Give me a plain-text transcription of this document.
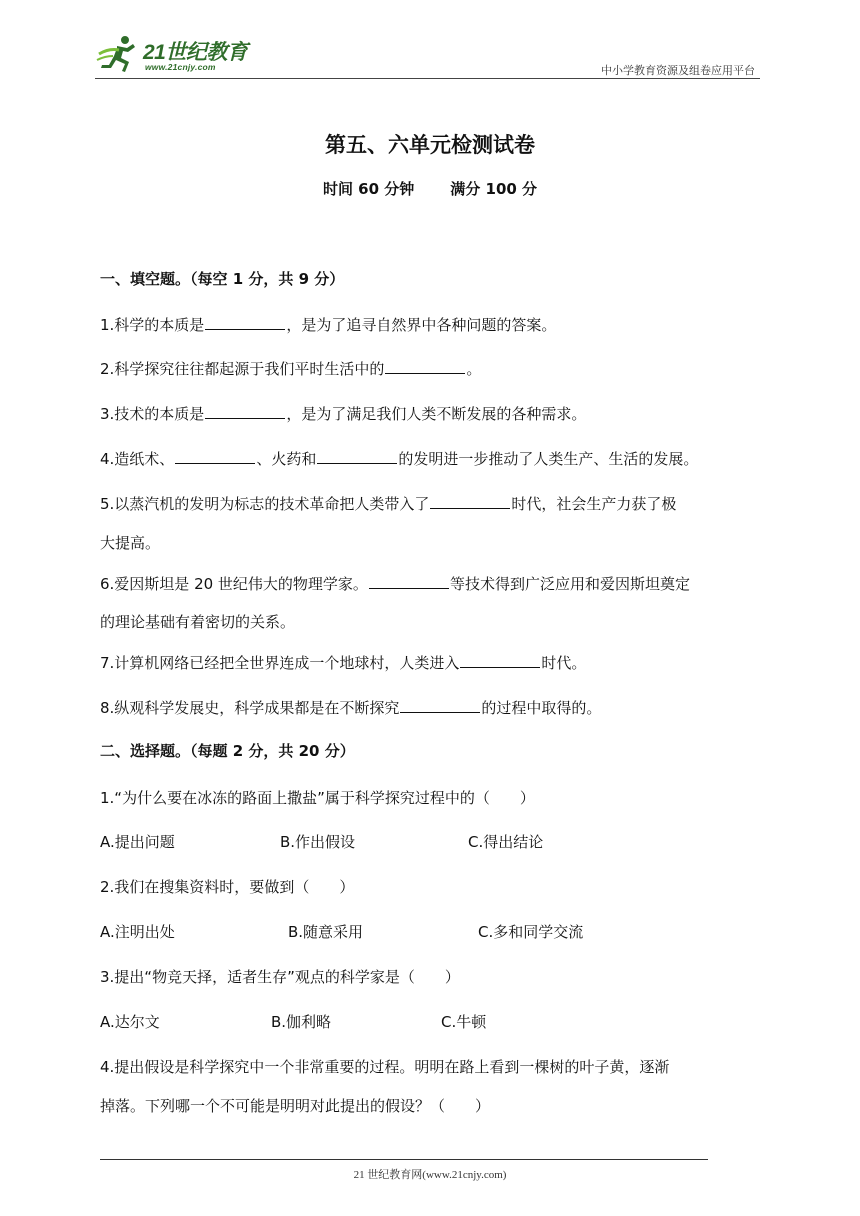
21世纪教育
www.21cnjy.com	中小学教育资源及组卷应用平台
第五、六单元检测试卷
时间 60 分钟 满分 100 分
一、填空题。（每空 1 分，共 9 分）
1.科学的本质是	，是为了追寻自然界中各种问题的答案。
2.科学探究往往都起源于我们平时生活中的	。
3.技术的本质是	，是为了满足我们人类不断发展的各种需求。
4.造纸术、	、火药和	的发明进一步推动了人类生产、生活的发展。
5.以蒸汽机的发明为标志的技术革命把人类带入了	时代，社会生产力获了极
大提高。
6.爱因斯坦是 20 世纪伟大的物理学家。	等技术得到广泛应用和爱因斯坦奠定
的理论基础有着密切的关系。
7.计算机网络已经把全世界连成一个地球村，人类进入	时代。
8.纵观科学发展史，科学成果都是在不断探究	的过程中取得的。
二、选择题。（每题 2 分，共 20 分）
1.“为什么要在冰冻的路面上撒盐”属于科学探究过程中的（　　）
A.提出问题	B.作出假设	C.得出结论
2.我们在搜集资料时，要做到（　　）
A.注明出处	B.随意采用	C.多和同学交流
3.提出“物竞天择，适者生存”观点的科学家是（　　）
A.达尔文	B.伽利略	C.牛顿
4.提出假设是科学探究中一个非常重要的过程。明明在路上看到一棵树的叶子黄，逐渐
掉落。下列哪一个不可能是明明对此提出的假设？（　　）
21 世纪教育网(www.21cnjy.com)
